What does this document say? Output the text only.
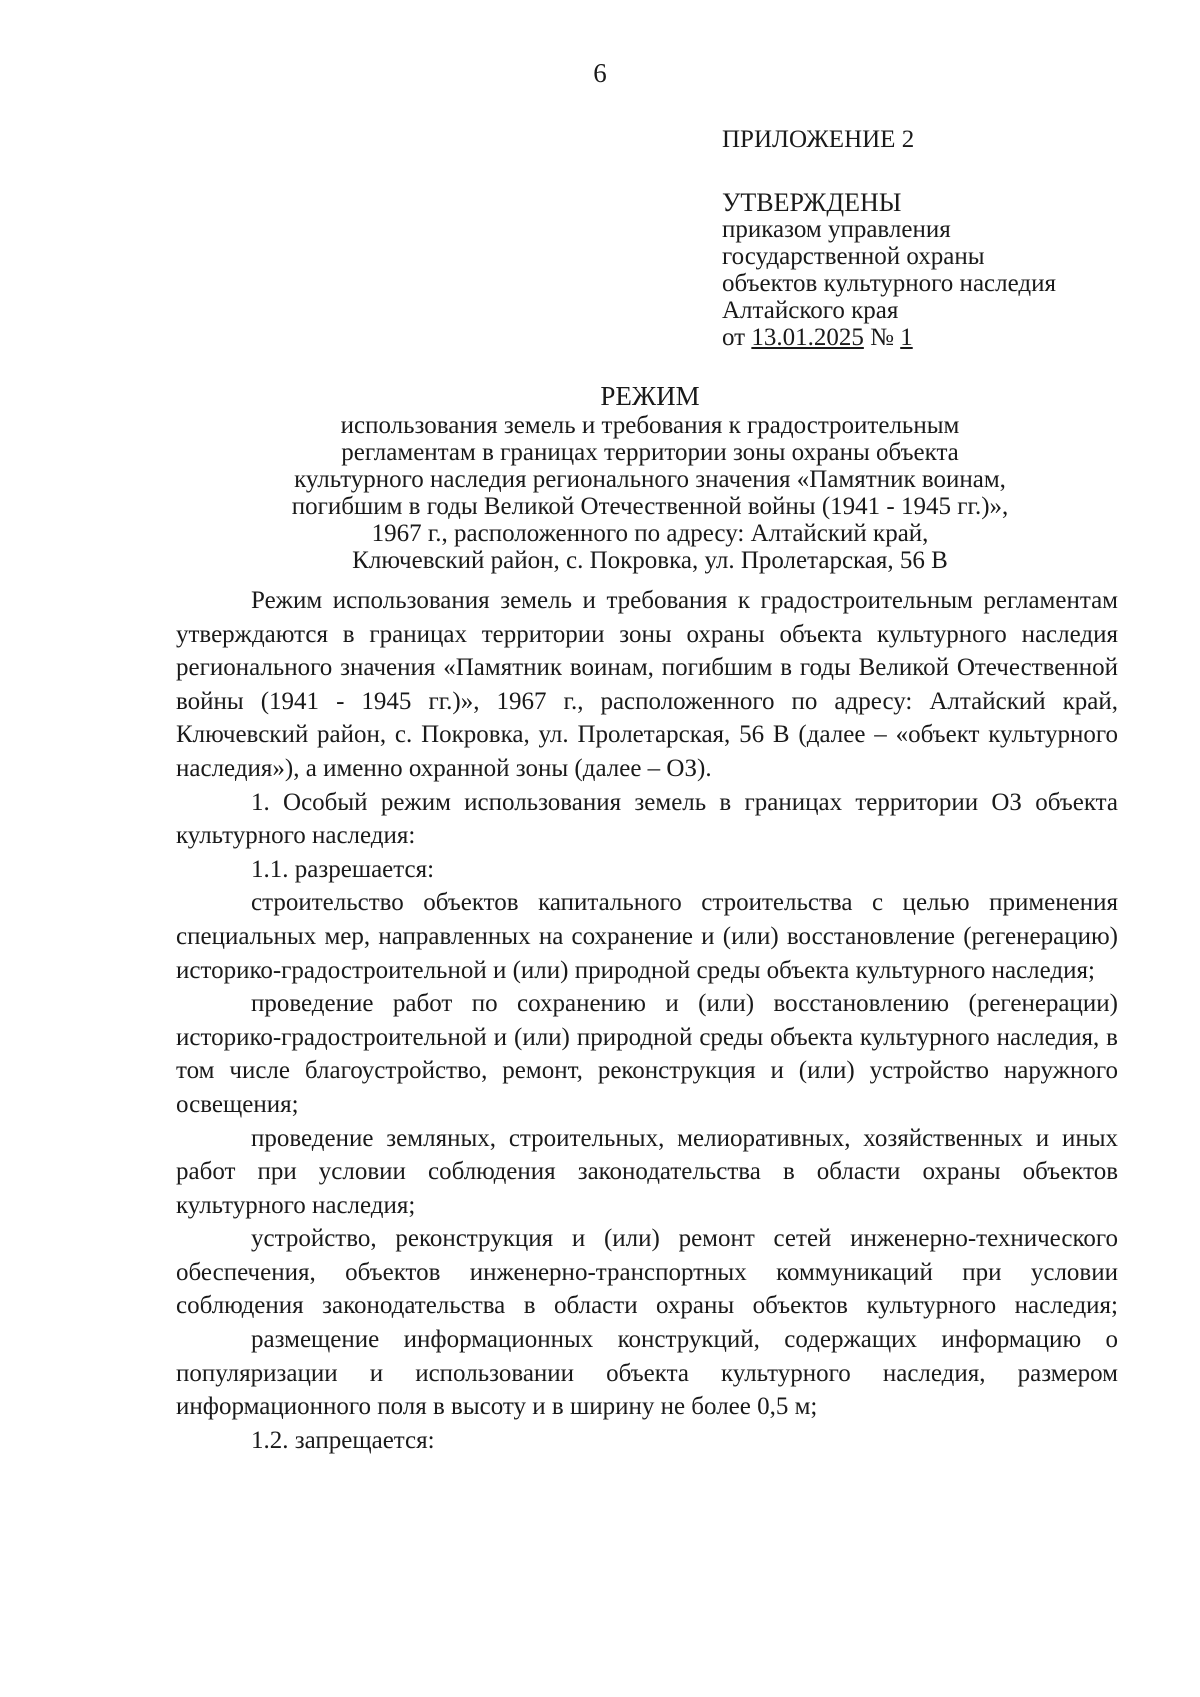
6
ПРИЛОЖЕНИЕ 2
УТВЕРЖДЕНЫ
приказом управления
государственной охраны
объектов культурного наследия
Алтайского края
от 13.01.2025 № 1
РЕЖИМ
использования земель и требования к градостроительным
регламентам в границах территории зоны охраны объекта
культурного наследия регионального значения «Памятник воинам,
погибшим в годы Великой Отечественной войны (1941 - 1945 гг.)»,
1967 г., расположенного по адресу: Алтайский край,
Ключевский район, с. Покровка, ул. Пролетарская, 56 В

Режим использования земель и требования к градостроительным регламентам утверждаются в границах территории зоны охраны объекта культурного наследия регионального значения «Памятник воинам, погибшим в годы Великой Отечественной войны (1941 - 1945 гг.)», 1967 г., расположенного по адресу: Алтайский край, Ключевский район, с. Покровка, ул. Пролетарская, 56 В (далее – «объект культурного наследия»), а именно охранной зоны (далее – ОЗ).

1. Особый режим использования земель в границах территории ОЗ объекта культурного наследия:

1.1. разрешается:

строительство объектов капитального строительства с целью применения специальных мер, направленных на сохранение и (или) восстановление (регенерацию) историко-градостроительной и (или) природной среды объекта культурного наследия;

проведение работ по сохранению и (или) восстановлению (регенерации) историко-градостроительной и (или) природной среды объекта культурного наследия, в том числе благоустройство, ремонт, реконструкция и (или) устройство наружного освещения;

проведение земляных, строительных, мелиоративных, хозяйственных и иных работ при условии соблюдения законодательства в области охраны объектов культурного наследия;

устройство, реконструкция и (или) ремонт сетей инженерно-технического обеспечения, объектов инженерно-транспортных коммуникаций при условии соблюдения законодательства в области охраны объектов культурного наследия;

размещение информационных конструкций, содержащих информацию о популяризации и использовании объекта культурного наследия, размером информационного поля в высоту и в ширину не более 0,5 м;

1.2. запрещается:
